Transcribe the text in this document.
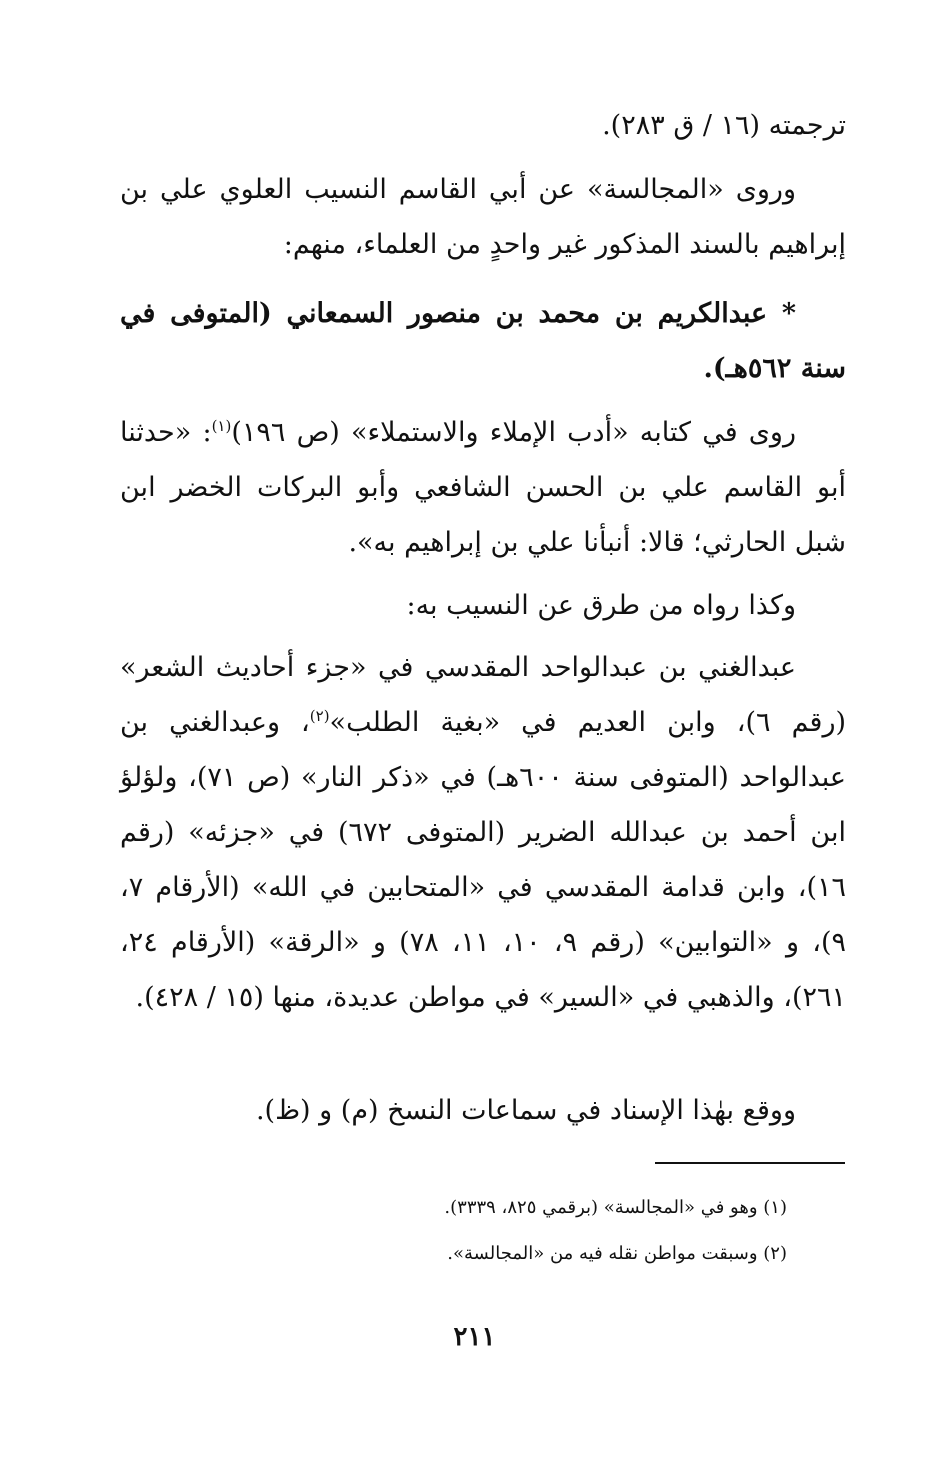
ترجمته (١٦ / ق ٢٨٣).
وروى «المجالسة» عن أبي القاسم النسيب العلوي علي بن إبراهيم بالسند المذكور غير واحدٍ من العلماء، منهم:
* عبدالكريم بن محمد بن منصور السمعاني (المتوفى في سنة ٥٦٢هـ).
روى في كتابه «أدب الإملاء والاستملاء» (ص ١٩٦)$^{(١)}$: «حدثنا أبو القاسم علي بن الحسن الشافعي وأبو البركات الخضر ابن شبل الحارثي؛ قالا: أنبأنا علي بن إبراهيم به».
وكذا رواه من طرق عن النسيب به:
عبدالغني بن عبدالواحد المقدسي في «جزء أحاديث الشعر» (رقم ٦)، وابن العديم في «بغية الطلب»$^{(٢)}$، وعبدالغني بن عبدالواحد (المتوفى سنة ٦٠٠هـ) في «ذكر النار» (ص ٧١)، ولؤلؤ ابن أحمد بن عبدالله الضرير (المتوفى ٦٧٢) في «جزئه» (رقم ١٦)، وابن قدامة المقدسي في «المتحابين في الله» (الأرقام ٧، ٩)، و «التوابين» (رقم ٩، ١٠، ١١، ٧٨) و «الرقة» (الأرقام ٢٤، ٢٦١)، والذهبي في «السير» في مواطن عديدة، منها (١٥ / ٤٢٨).
ووقع بهٰذا الإسناد في سماعات النسخ (م) و (ظ).
(١) وهو في «المجالسة» (برقمي ٨٢٥، ٣٣٣٩).
(٢) وسبقت مواطن نقله فيه من «المجالسة».
٢١١
